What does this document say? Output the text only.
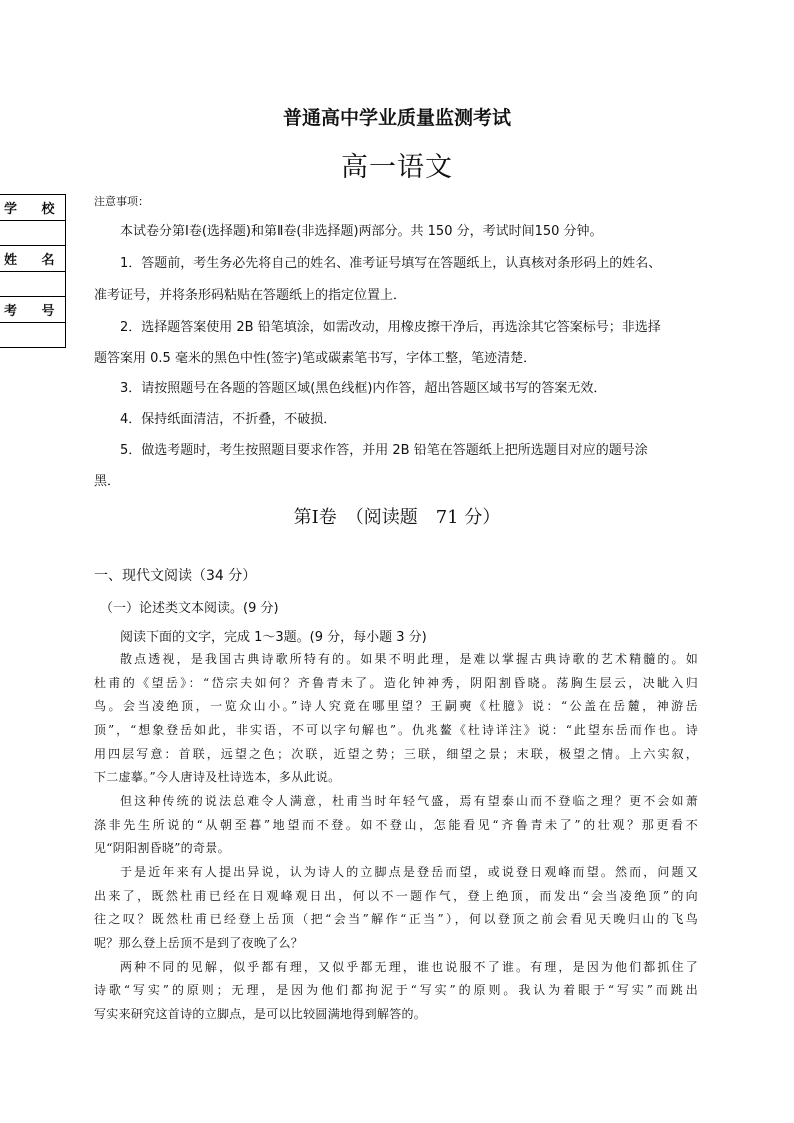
普通高中学业质量监测考试
高一语文
学 校

姓 名

考 号

注意事项：
本试卷分第Ⅰ卷(选择题)和第Ⅱ卷(非选择题)两部分。共 150 分，考试时间150 分钟。
1．答题前，考生务必先将自己的姓名、准考证号填写在答题纸上，认真核对条形码上的姓名、
准考证号，并将条形码粘贴在答题纸上的指定位置上．
2．选择题答案使用 2B 铅笔填涂，如需改动，用橡皮擦干净后，再选涂其它答案标号；非选择
题答案用 0.5 毫米的黑色中性(签字)笔或碳素笔书写，字体工整，笔迹清楚．
3．请按照题号在各题的答题区域(黑色线框)内作答，超出答题区域书写的答案无效．
4．保持纸面清洁，不折叠，不破损．
5．做选考题时，考生按照题目要求作答，并用 2B 铅笔在答题纸上把所选题目对应的题号涂
黑．
第Ⅰ卷　（阅读题　71 分）
一、现代文阅读（34 分）
（一）论述类文本阅读。(9 分)
阅读下面的文字，完成 1～3题。(9 分，每小题 3 分)
散点透视，是我国古典诗歌所特有的。如果不明此理，是难以掌握古典诗歌的艺术精髓的。如
杜甫的《望岳》：“岱宗夫如何？齐鲁青未了。造化钟神秀，阴阳割昏晓。荡胸生层云，决眦入归
鸟。会当凌绝顶，一览众山小。”诗人究竟在哪里望？王嗣奭《杜臆》说：“公盖在岳麓，神游岳
顶”，“想象登岳如此，非实语，不可以字句解也”。仇兆鳌《杜诗详注》说：“此望东岳而作也。诗
用四层写意：首联，远望之色；次联，近望之势；三联，细望之景；末联，极望之情。上六实叙，
下二虚摹。”今人唐诗及杜诗选本，多从此说。
但这种传统的说法总难令人满意，杜甫当时年轻气盛，焉有望泰山而不登临之理？更不会如萧
涤非先生所说的“从朝至暮”地望而不登。如不登山，怎能看见“齐鲁青未了”的壮观？那更看不
见“阴阳割昏晓”的奇景。
于是近年来有人提出异说，认为诗人的立脚点是登岳而望，或说登日观峰而望。然而，问题又
出来了，既然杜甫已经在日观峰观日出，何以不一题作气，登上绝顶，而发出“会当凌绝顶”的向
往之叹？既然杜甫已经登上岳顶（把“会当”解作“正当”），何以登顶之前会看见天晚归山的飞鸟
呢？那么登上岳顶不是到了夜晚了么？
两种不同的见解，似乎都有理，又似乎都无理，谁也说服不了谁。有理，是因为他们都抓住了
诗歌“写实”的原则；无理，是因为他们都拘泥于“写实”的原则。我认为着眼于“写实”而跳出
写实来研究这首诗的立脚点，是可以比较圆满地得到解答的。
